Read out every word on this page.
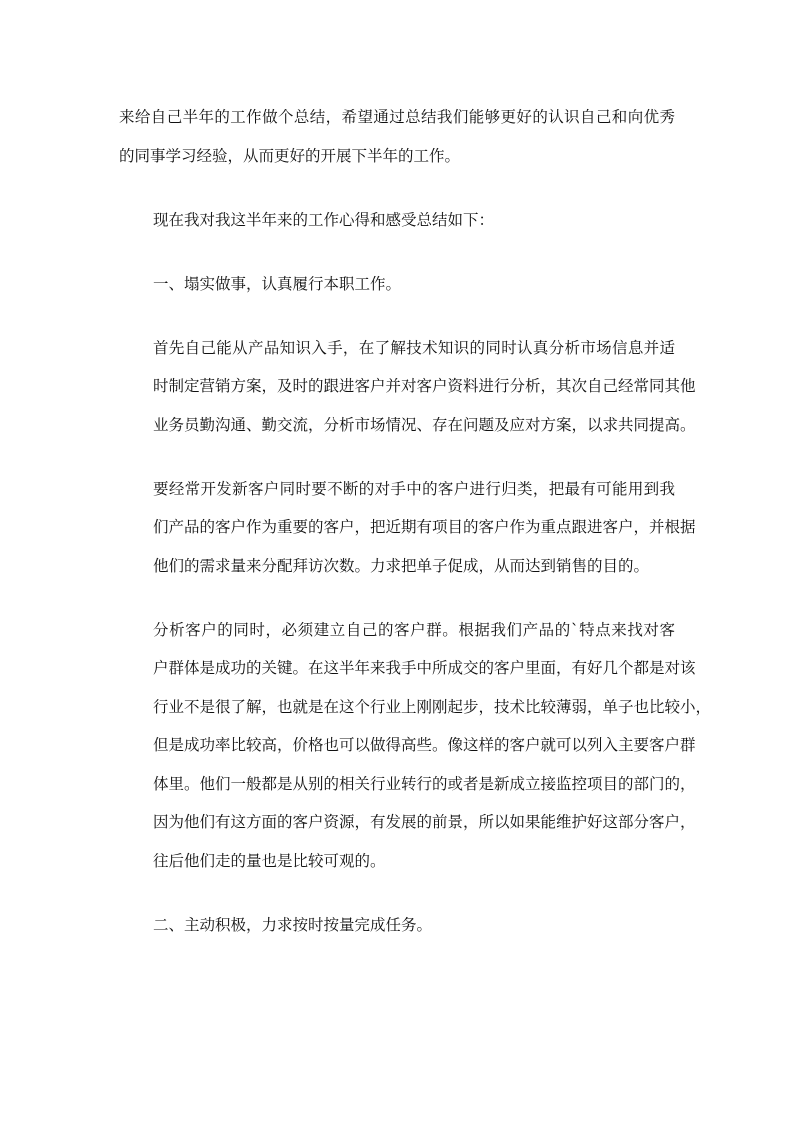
来给自己半年的工作做个总结，希望通过总结我们能够更好的认识自己和向优秀
的同事学习经验，从而更好的开展下半年的工作。
现在我对我这半年来的工作心得和感受总结如下：
一、塌实做事，认真履行本职工作。
首先自己能从产品知识入手，在了解技术知识的同时认真分析市场信息并适
时制定营销方案，及时的跟进客户并对客户资料进行分析，其次自己经常同其他
业务员勤沟通、勤交流，分析市场情况、存在问题及应对方案，以求共同提高。
要经常开发新客户同时要不断的对手中的客户进行归类，把最有可能用到我
们产品的客户作为重要的客户，把近期有项目的客户作为重点跟进客户，并根据
他们的需求量来分配拜访次数。力求把单子促成，从而达到销售的目的。
分析客户的同时，必须建立自己的客户群。根据我们产品的`特点来找对客
户群体是成功的关键。在这半年来我手中所成交的客户里面，有好几个都是对该
行业不是很了解，也就是在这个行业上刚刚起步，技术比较薄弱，单子也比较小，
但是成功率比较高，价格也可以做得高些。像这样的客户就可以列入主要客户群
体里。他们一般都是从别的相关行业转行的或者是新成立接监控项目的部门的，
因为他们有这方面的客户资源，有发展的前景，所以如果能维护好这部分客户，
往后他们走的量也是比较可观的。
二、主动积极，力求按时按量完成任务。
